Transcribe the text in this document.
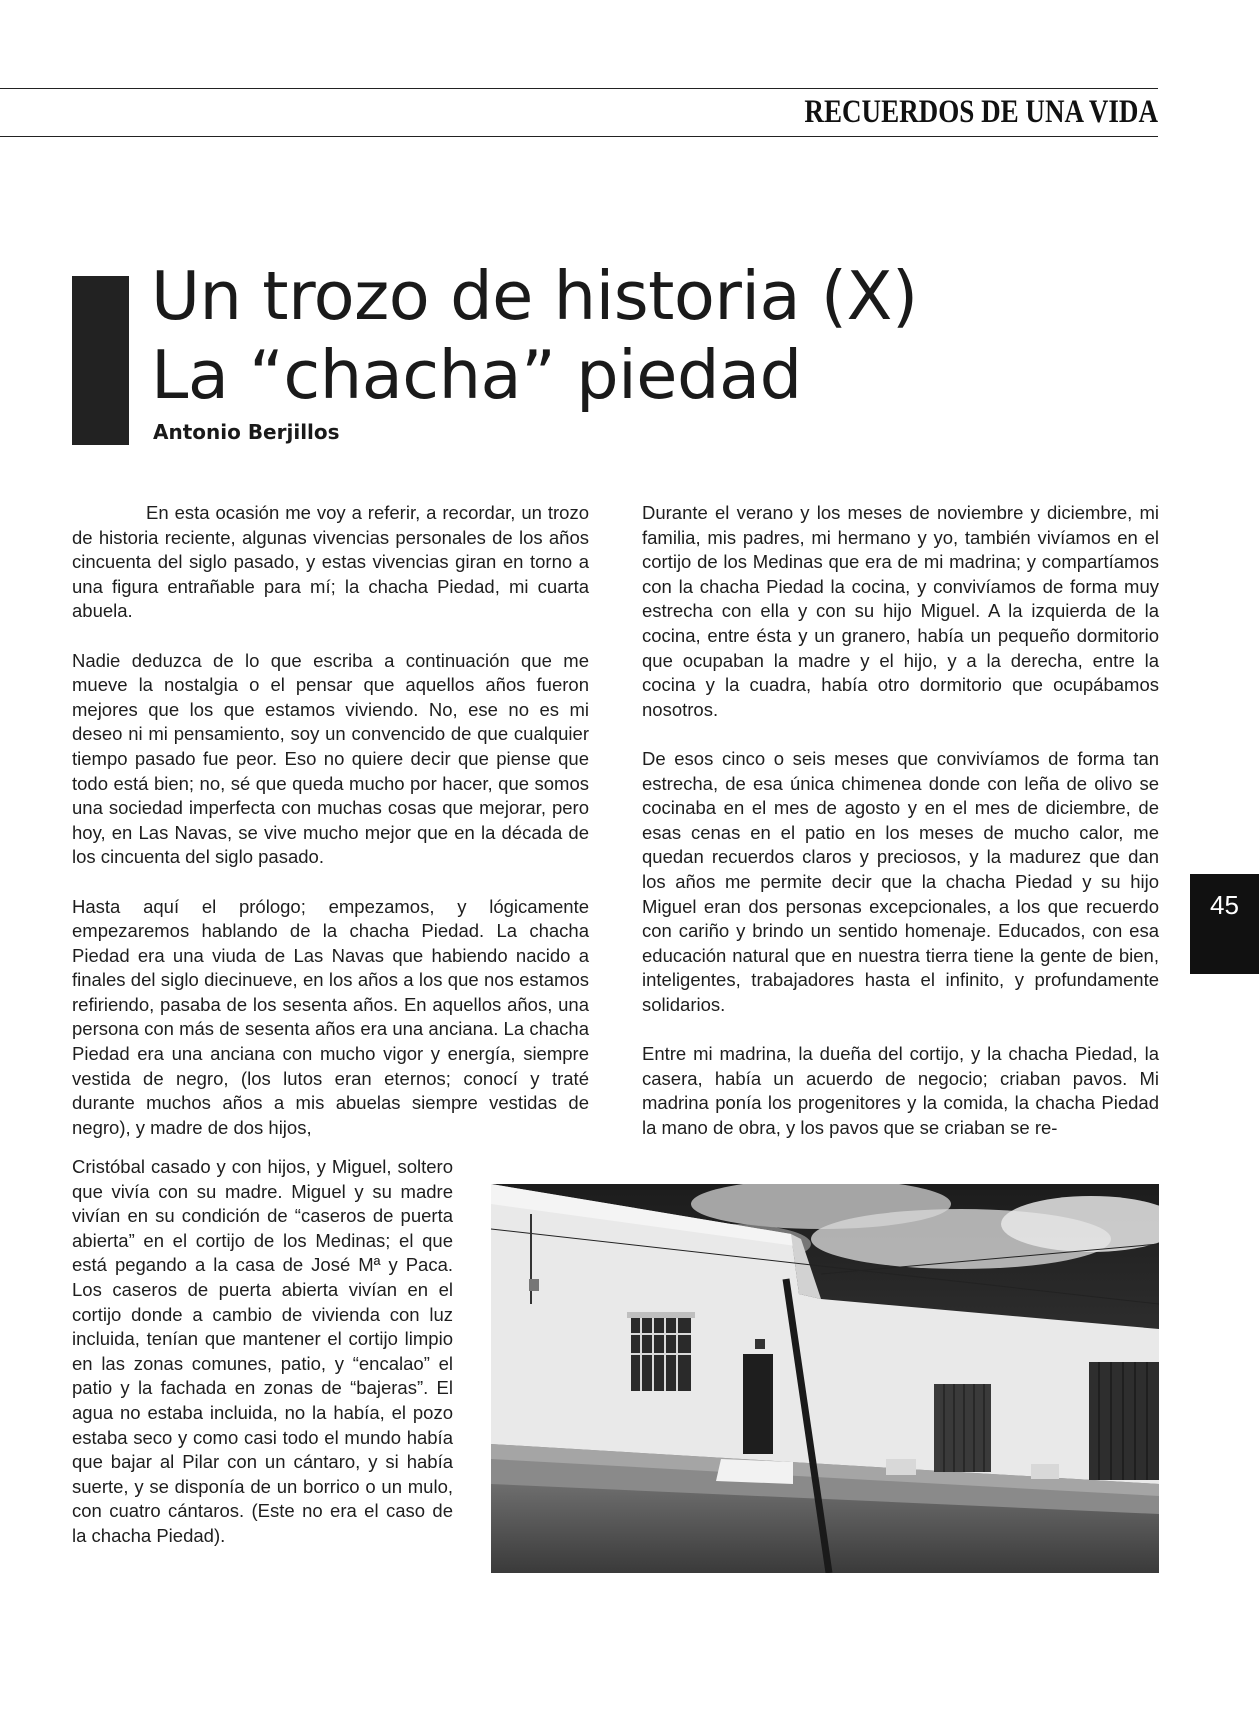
RECUERDOS DE UNA VIDA
Un trozo de historia (X)
La “chacha” piedad
Antonio Berjillos

En esta ocasión me voy a referir, a recordar, un trozo de historia reciente, algunas vivencias personales de los años cincuenta del siglo pasado, y estas vivencias giran en torno a una figura entrañable para mí; la chacha Piedad, mi cuarta abuela.

Nadie deduzca de lo que escriba a continuación que me mueve la nostalgia o el pensar que aquellos años fueron mejores que los que estamos viviendo. No, ese no es mi deseo ni mi pensamiento, soy un convencido de que cualquier tiempo pasado fue peor. Eso no quiere decir que piense que todo está bien; no, sé que queda mucho por hacer, que somos una sociedad imperfecta con muchas cosas que mejorar, pero hoy, en Las Navas, se vive mucho mejor que en la década de los cincuenta del siglo pasado.

Hasta aquí el prólogo; empezamos, y lógicamente empezaremos hablando de la chacha Piedad. La chacha Piedad era una viuda de Las Navas que habiendo nacido a finales del siglo diecinueve, en los años a los que nos estamos refiriendo, pasaba de los sesenta años. En aquellos años, una persona con más de sesenta años era una anciana. La chacha Piedad era una anciana con mucho vigor y energía, siempre vestida de negro, (los lutos eran eternos; conocí y traté durante muchos años a mis abuelas siempre vestidas de negro), y madre de dos hijos,

Cristóbal casado y con hijos, y Miguel, soltero que vivía con su madre. Miguel y su madre vivían en su condición de “caseros de puerta abierta” en el cortijo de los Medinas; el que está pegando a la casa de José Mª y Paca. Los caseros de puerta abierta vivían en el cortijo donde a cambio de vivienda con luz incluida, tenían que mantener el cortijo limpio en las zonas comunes, patio, y “encalao” el patio y la fachada en zonas de “bajeras”. El agua no estaba incluida, no la había, el pozo estaba seco y como casi todo el mundo había que bajar al Pilar con un cántaro, y si había suerte, y se disponía de un borrico o un mulo, con cuatro cántaros. (Este no era el caso de la chacha Piedad).

Durante el verano y los meses de noviembre y diciembre, mi familia, mis padres, mi hermano y yo, también vivíamos en el cortijo de los Medinas que era de mi madrina; y compartíamos con la chacha Piedad la cocina, y convivíamos de forma muy estrecha con ella y con su hijo Miguel. A la izquierda de la cocina, entre ésta y un granero, había un pequeño dormitorio que ocupaban la madre y el hijo, y a la derecha, entre la cocina y la cuadra, había otro dormitorio que ocupábamos nosotros.

De esos cinco o seis meses que convivíamos de forma tan estrecha, de esa única chimenea donde con leña de olivo se cocinaba en el mes de agosto y en el mes de diciembre, de esas cenas en el patio en los meses de mucho calor, me quedan recuerdos claros y preciosos, y la madurez que dan los años me permite decir que la chacha Piedad y su hijo Miguel eran dos personas excepcionales, a los que recuerdo con cariño y brindo un sentido homenaje. Educados, con esa educación natural que en nuestra tierra tiene la gente de bien, inteligentes, trabajadores hasta el infinito, y profundamente solidarios.

Entre mi madrina, la dueña del cortijo, y la chacha Piedad, la casera, había un acuerdo de negocio; criaban pavos. Mi madrina ponía los progenitores y la comida, la chacha Piedad la mano de obra, y los pavos que se criaban se re-

45
